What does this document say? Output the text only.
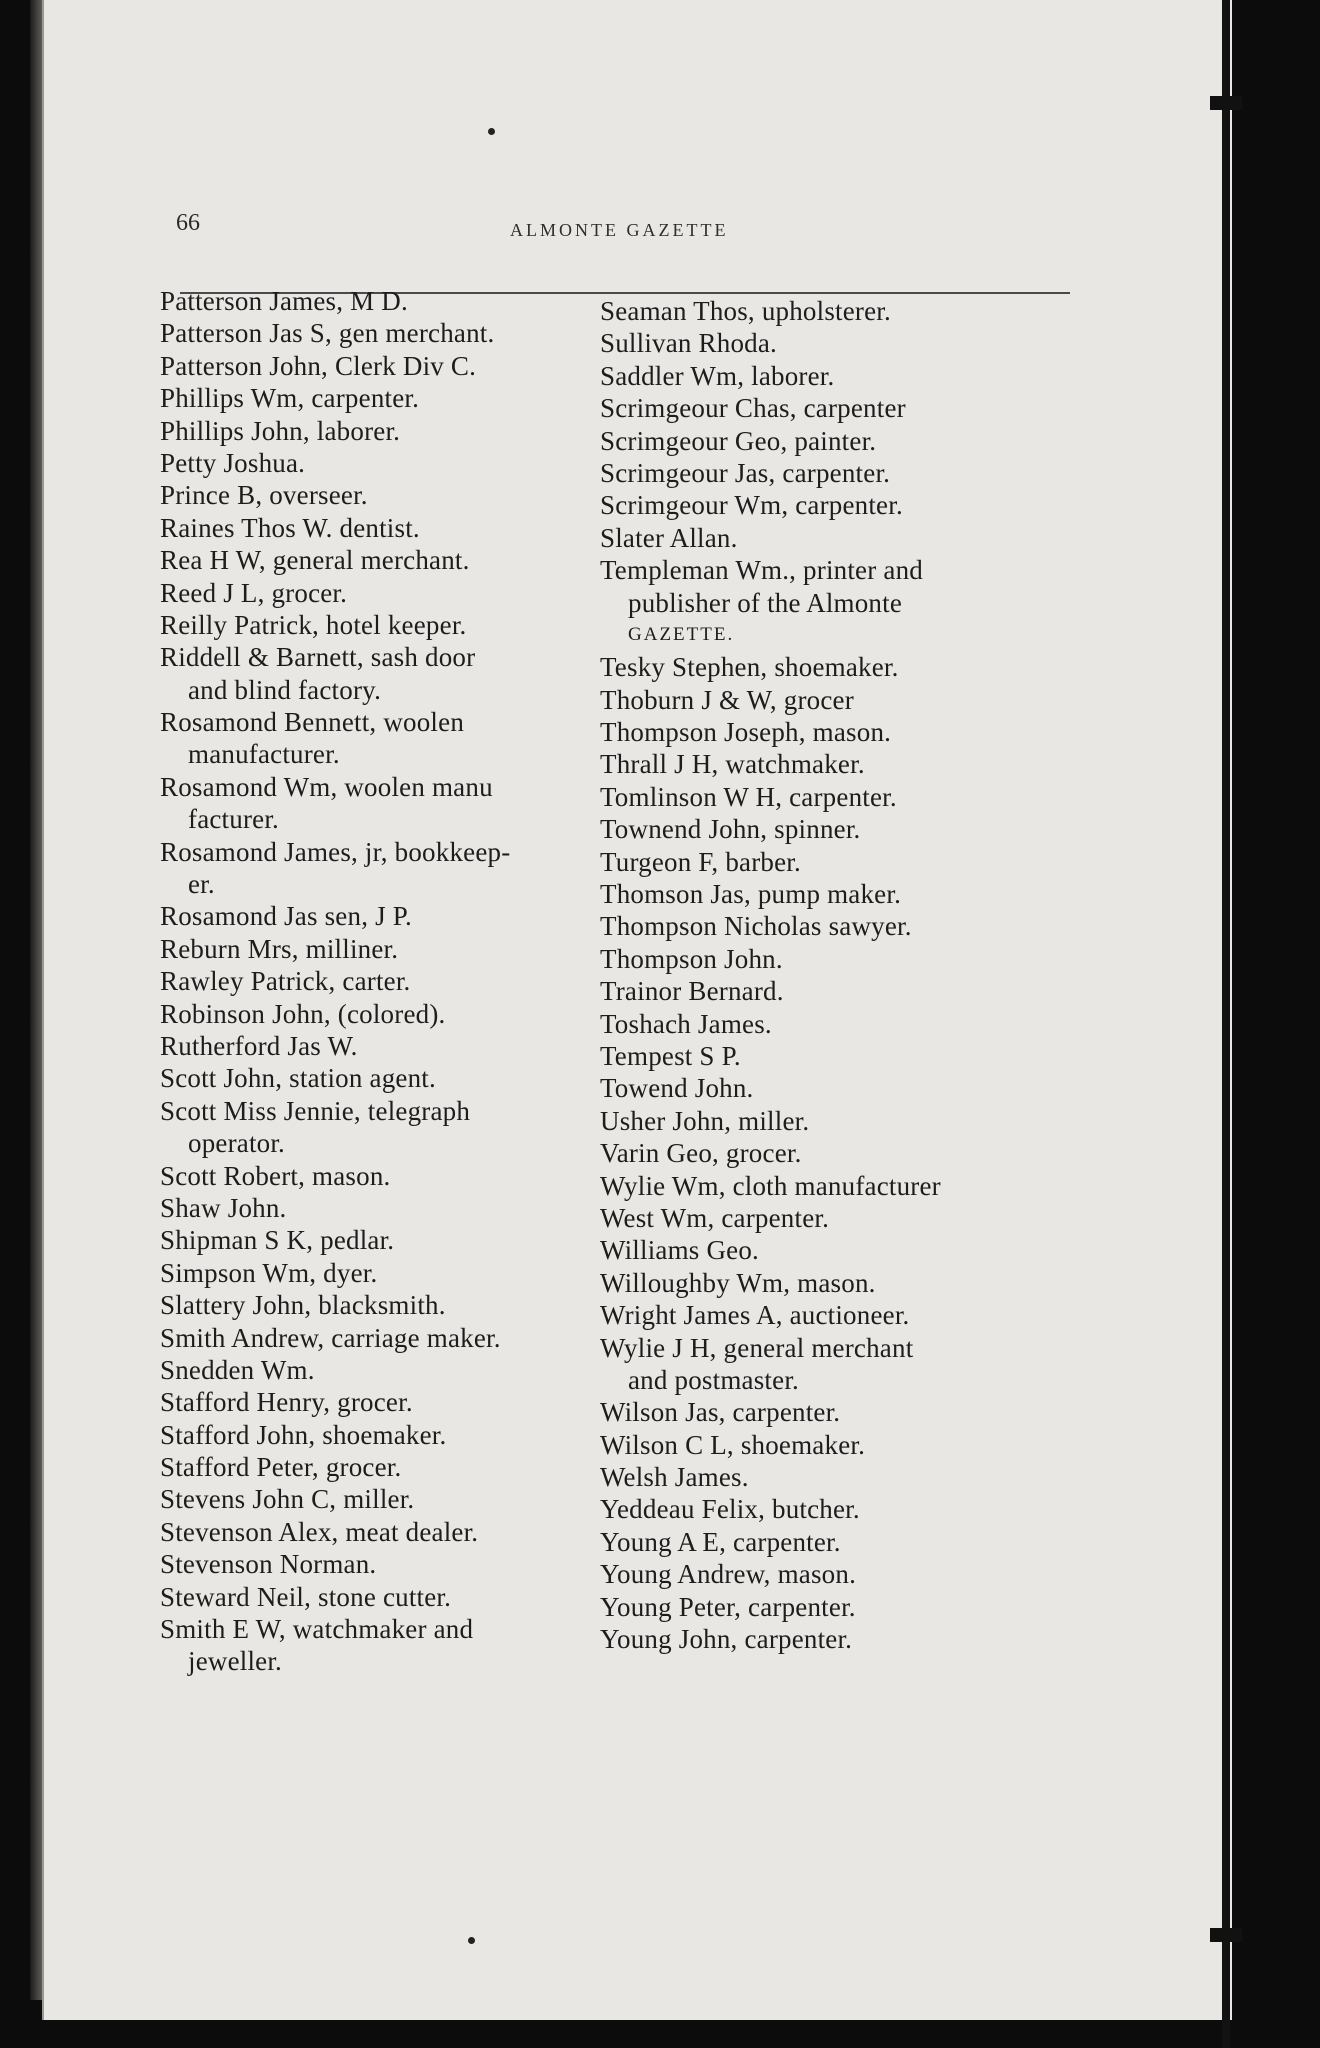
66	ALMONTE GAZETTE
Patterson James, M D.
Patterson Jas S, gen merchant.
Patterson John, Clerk Div C.
Phillips Wm, carpenter.
Phillips John, laborer.
Petty Joshua.
Prince B, overseer.
Raines Thos W. dentist.
Rea H W, general merchant.
Reed J L, grocer.
Reilly Patrick, hotel keeper.
Riddell & Barnett, sash door
and blind factory.
Rosamond Bennett, woolen
manufacturer.
Rosamond Wm, woolen manu
facturer.
Rosamond James, jr, bookkeep-
er.
Rosamond Jas sen, J P.
Reburn Mrs, milliner.
Rawley Patrick, carter.
Robinson John, (colored).
Rutherford Jas W.
Scott John, station agent.
Scott Miss Jennie, telegraph
operator.
Scott Robert, mason.
Shaw John.
Shipman S K, pedlar.
Simpson Wm, dyer.
Slattery John, blacksmith.
Smith Andrew, carriage maker.
Snedden Wm.
Stafford Henry, grocer.
Stafford John, shoemaker.
Stafford Peter, grocer.
Stevens John C, miller.
Stevenson Alex, meat dealer.
Stevenson Norman.
Steward Neil, stone cutter.
Smith E W, watchmaker and
jeweller.
Seaman Thos, upholsterer.
Sullivan Rhoda.
Saddler Wm, laborer.
Scrimgeour Chas, carpenter
Scrimgeour Geo, painter.
Scrimgeour Jas, carpenter.
Scrimgeour Wm, carpenter.
Slater Allan.
Templeman Wm., printer and
publisher of the Almonte
GAZETTE.
Tesky Stephen, shoemaker.
Thoburn J & W, grocer
Thompson Joseph, mason.
Thrall J H, watchmaker.
Tomlinson W H, carpenter.
Townend John, spinner.
Turgeon F, barber.
Thomson Jas, pump maker.
Thompson Nicholas sawyer.
Thompson John.
Trainor Bernard.
Toshach James.
Tempest S P.
Towend John.
Usher John, miller.
Varin Geo, grocer.
Wylie Wm, cloth manufacturer
West Wm, carpenter.
Williams Geo.
Willoughby Wm, mason.
Wright James A, auctioneer.
Wylie J H, general merchant
and postmaster.
Wilson Jas, carpenter.
Wilson C L, shoemaker.
Welsh James.
Yeddeau Felix, butcher.
Young A E, carpenter.
Young Andrew, mason.
Young Peter, carpenter.
Young John, carpenter.
